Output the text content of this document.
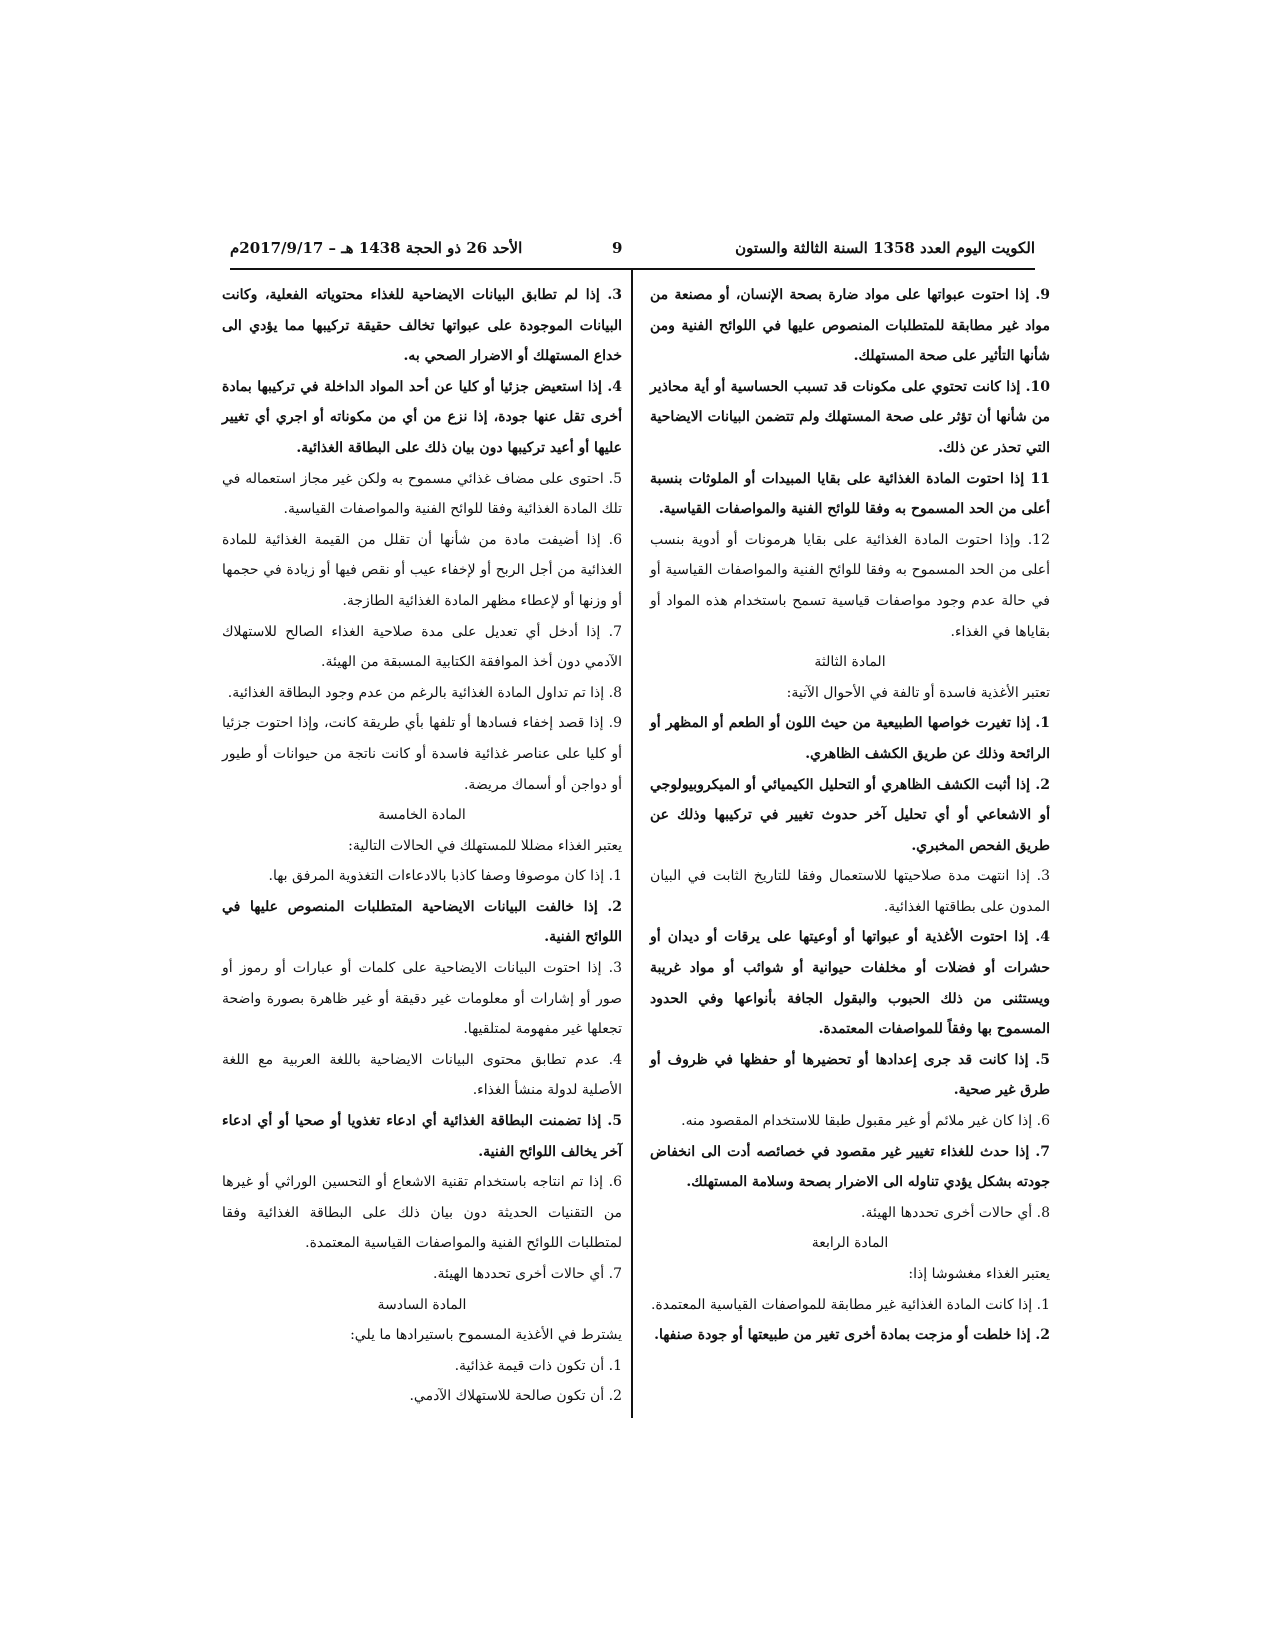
الكويت اليوم العدد 1358 السنة الثالثة والستون
9
الأحد 26 ذو الحجة 1438 هـ – 2017/9/17م

9. إذا احتوت عبواتها على مواد ضارة بصحة الإنسان، أو مصنعة من مواد غير مطابقة للمتطلبات المنصوص عليها في اللوائح الفنية ومن شأنها التأثير على صحة المستهلك.

10. إذا كانت تحتوي على مكونات قد تسبب الحساسية أو أية محاذير من شأنها أن تؤثر على صحة المستهلك ولم تتضمن البيانات الايضاحية التي تحذر عن ذلك.

11 إذا احتوت المادة الغذائية على بقايا المبيدات أو الملوثات بنسبة أعلى من الحد المسموح به وفقا للوائح الفنية والمواصفات القياسية.

12. وإذا احتوت المادة الغذائية على بقايا هرمونات أو أدوية بنسب أعلى من الحد المسموح به وفقا للوائح الفنية والمواصفات القياسية أو في حالة عدم وجود مواصفات قياسية تسمح باستخدام هذه المواد أو بقاياها في الغذاء.

المادة الثالثة

تعتبر الأغذية فاسدة أو تالفة في الأحوال الآتية:

1. إذا تغيرت خواصها الطبيعية من حيث اللون أو الطعم أو المظهر أو الرائحة وذلك عن طريق الكشف الظاهري.

2. إذا أثبت الكشف الظاهري أو التحليل الكيميائي أو الميكروبيولوجي أو الاشعاعي أو أي تحليل آخر حدوث تغيير في تركيبها وذلك عن طريق الفحص المخبري.

3. إذا انتهت مدة صلاحيتها للاستعمال وفقا للتاريخ الثابت في البيان المدون على بطاقتها الغذائية.

4. إذا احتوت الأغذية أو عبواتها أو أوعيتها على يرقات أو ديدان أو حشرات أو فضلات أو مخلفات حيوانية أو شوائب أو مواد غريبة ويستثنى من ذلك الحبوب والبقول الجافة بأنواعها وفي الحدود المسموح بها وفقاً للمواصفات المعتمدة.

5. إذا كانت قد جرى إعدادها أو تحضيرها أو حفظها في ظروف أو طرق غير صحية.

6. إذا كان غير ملائم أو غير مقبول طبقا للاستخدام المقصود منه.

7. إذا حدث للغذاء تغيير غير مقصود في خصائصه أدت الى انخفاض جودته بشكل يؤدي تناوله الى الاضرار بصحة وسلامة المستهلك.

8. أي حالات أخرى تحددها الهيئة.

المادة الرابعة

يعتبر الغذاء مغشوشا إذا:

1. إذا كانت المادة الغذائية غير مطابقة للمواصفات القياسية المعتمدة.

2. إذا خلطت أو مزجت بمادة أخرى تغير من طبيعتها أو جودة صنفها.

3. إذا لم تطابق البيانات الايضاحية للغذاء محتوياته الفعلية، وكانت البيانات الموجودة على عبواتها تخالف حقيقة تركيبها مما يؤدي الى خداع المستهلك أو الاضرار الصحي به.

4. إذا استعيض جزئيا أو كليا عن أحد المواد الداخلة في تركيبها بمادة أخرى تقل عنها جودة، إذا نزع من أي من مكوناته أو اجري أي تغيير عليها أو أعيد تركيبها دون بيان ذلك على البطاقة الغذائية.

5. احتوى على مضاف غذائي مسموح به ولكن غير مجاز استعماله في تلك المادة الغذائية وفقا للوائح الفنية والمواصفات القياسية.

6. إذا أضيفت مادة من شأنها أن تقلل من القيمة الغذائية للمادة الغذائية من أجل الربح أو لإخفاء عيب أو نقص فيها أو زيادة في حجمها أو وزنها أو لإعطاء مظهر المادة الغذائية الطازجة.

7. إذا أدخل أي تعديل على مدة صلاحية الغذاء الصالح للاستهلاك الآدمي دون أخذ الموافقة الكتابية المسبقة من الهيئة.

8. إذا تم تداول المادة الغذائية بالرغم من عدم وجود البطاقة الغذائية.

9. إذا قصد إخفاء فسادها أو تلفها بأي طريقة كانت، وإذا احتوت جزئيا أو كليا على عناصر غذائية فاسدة أو كانت ناتجة من حيوانات أو طيور أو دواجن أو أسماك مريضة.

المادة الخامسة

يعتبر الغذاء مضللا للمستهلك في الحالات التالية:

1. إذا كان موصوفا وصفا كاذبا بالادعاءات التغذوية المرفق بها.

2. إذا خالفت البيانات الايضاحية المتطلبات المنصوص عليها في اللوائح الفنية.

3. إذا احتوت البيانات الايضاحية على كلمات أو عبارات أو رموز أو صور أو إشارات أو معلومات غير دقيقة أو غير ظاهرة بصورة واضحة تجعلها غير مفهومة لمتلقيها.

4. عدم تطابق محتوى البيانات الايضاحية باللغة العربية مع اللغة الأصلية لدولة منشأ الغذاء.

5. إذا تضمنت البطاقة الغذائية أي ادعاء تغذويا أو صحيا أو أي ادعاء آخر يخالف اللوائح الفنية.

6. إذا تم انتاجه باستخدام تقنية الاشعاع أو التحسين الوراثي أو غيرها من التقنيات الحديثة دون بيان ذلك على البطاقة الغذائية وفقا لمتطلبات اللوائح الفنية والمواصفات القياسية المعتمدة.

7. أي حالات أخرى تحددها الهيئة.

المادة السادسة

يشترط في الأغذية المسموح باستيرادها ما يلي:

1. أن تكون ذات قيمة غذائية.

2. أن تكون صالحة للاستهلاك الآدمي.
